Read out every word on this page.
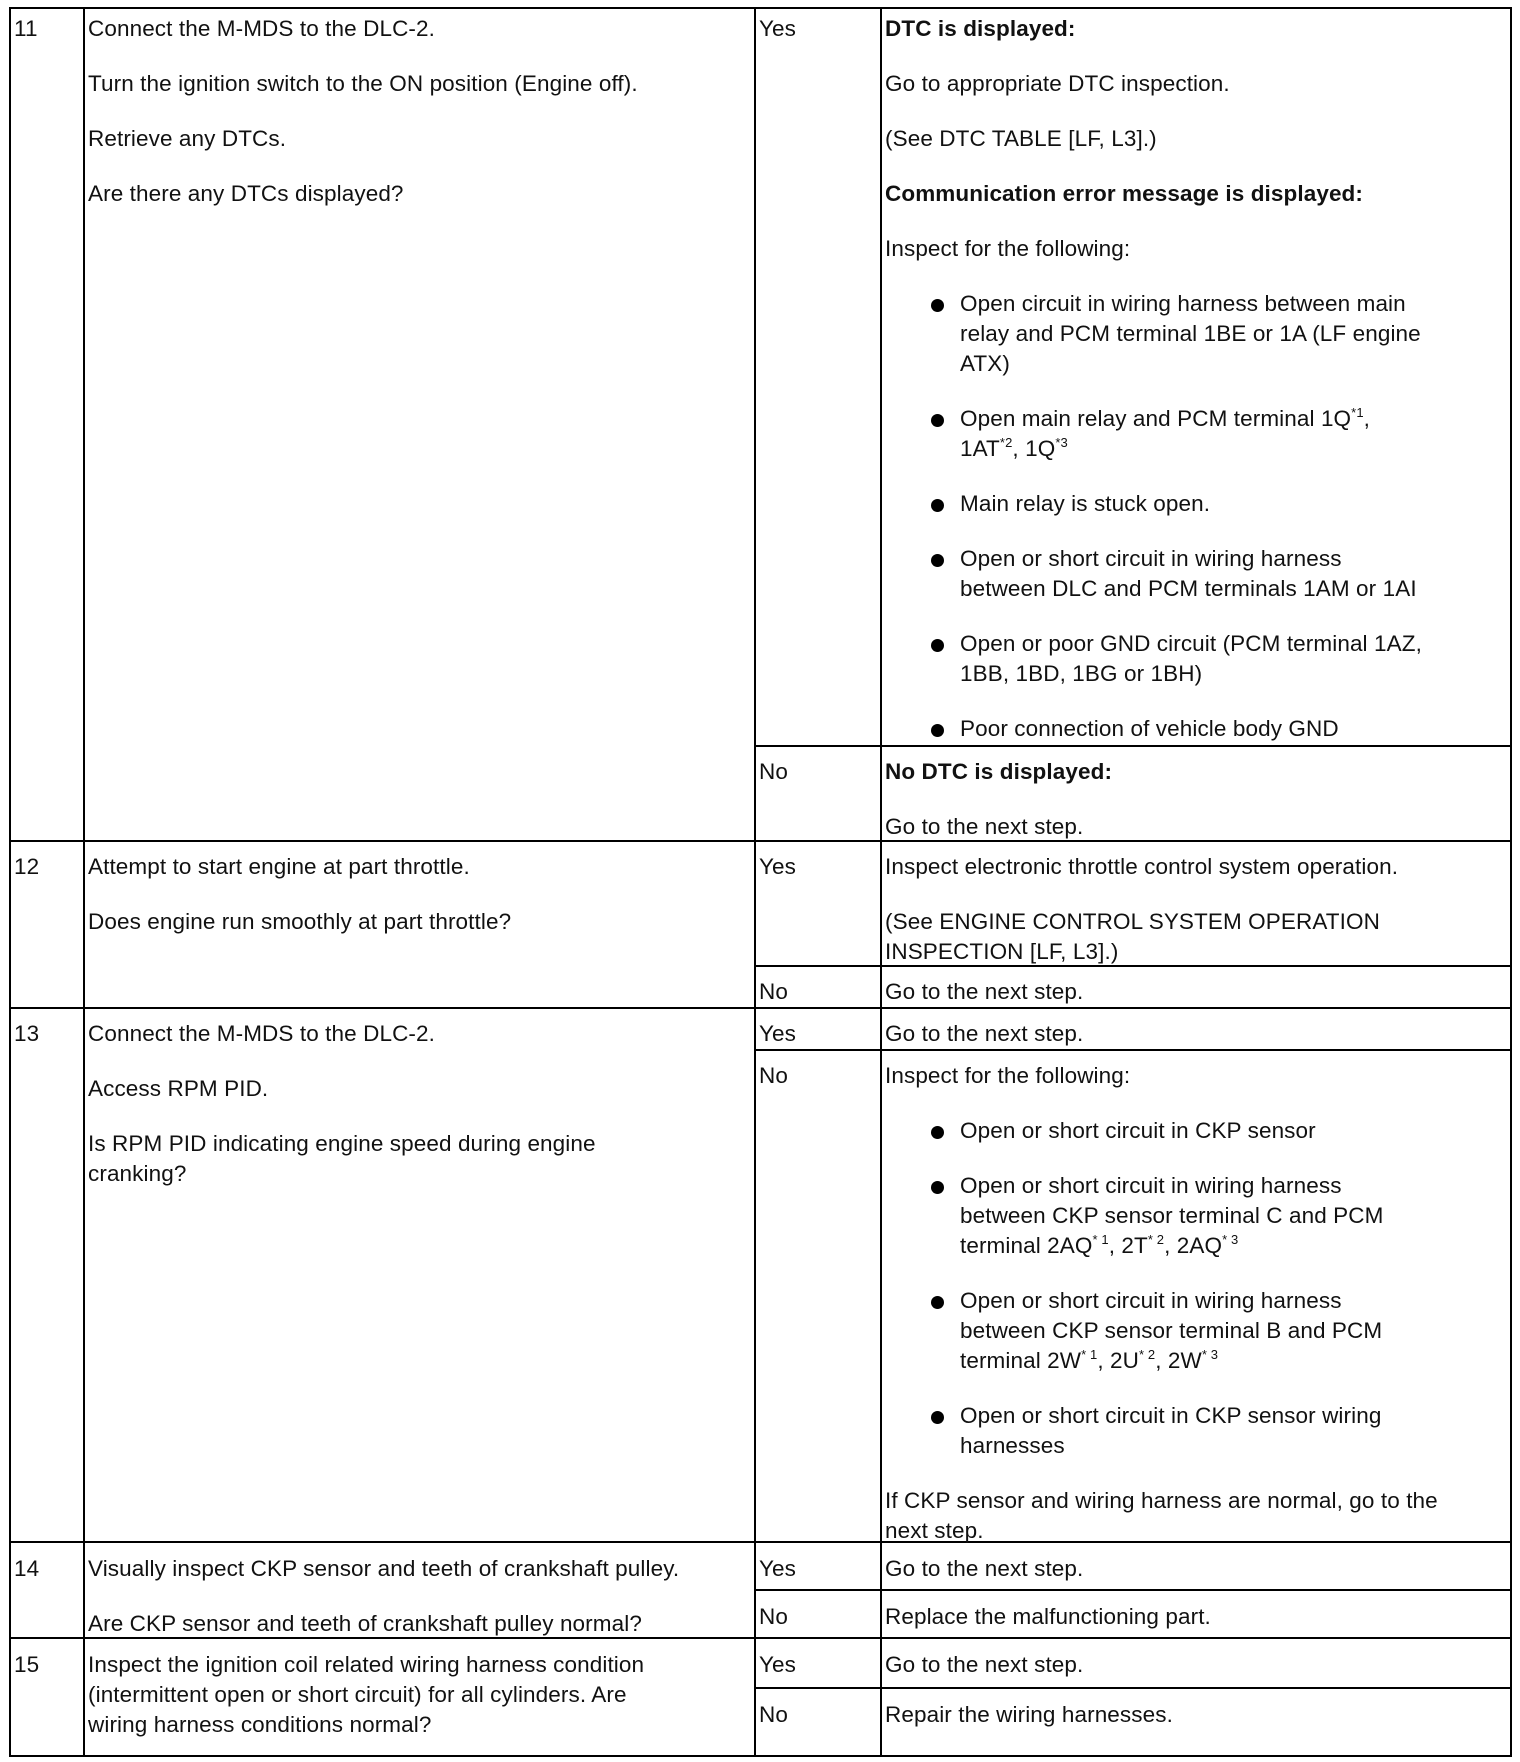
11 Connect the M-MDS to the DLC-2.
Turn the ignition switch to the ON position (Engine off).
Retrieve any DTCs.
Are there any DTCs displayed?
Yes	DTC is displayed:
Go to appropriate DTC inspection.
(See DTC TABLE [LF, L3].)
Communication error message is displayed:
Inspect for the following:
Open circuit in wiring harness between main
relay and PCM terminal 1BE or 1A (LF engine
ATX)
Open main relay and PCM terminal $1Q^{*1}$,
1AT$^{*2}$, $1Q^{*3}$
Main relay is stuck open.
Open or short circuit in wiring harness
between DLC and PCM terminals 1AM or 1AI
Open or poor GND circuit (PCM terminal 1AZ,
1BB, 1BD, 1BG or 1BH)
Poor connection of vehicle body GND
No	No DTC is displayed:
Go to the next step.
12 Attempt to start engine at part throttle.
Does engine run smoothly at part throttle?
Yes	Inspect electronic throttle control system operation.
(See ENGINE CONTROL SYSTEM OPERATION
INSPECTION [LF, L3].)
No	Go to the next step.
13 Connect the M-MDS to the DLC-2.
Access RPM PID.
Is RPM PID indicating engine speed during engine
cranking?
Yes	Go to the next step.
No	Inspect for the following:
Open or short circuit in CKP sensor
Open or short circuit in wiring harness
between CKP sensor terminal C and PCM
terminal 2AQ$^{* 1}$, $2T^{* 2}$, 2AQ$^{* 3}$
Open or short circuit in wiring harness
between CKP sensor terminal B and PCM
terminal $2W^{* 1}$, $2U^{* 2}$, $2W^{* 3}$
Open or short circuit in CKP sensor wiring
harnesses
If CKP sensor and wiring harness are normal, go to the
next step.
14 Visually inspect CKP sensor and teeth of crankshaft pulley.
Are CKP sensor and teeth of crankshaft pulley normal?
Yes	Go to the next step.
No	Replace the malfunctioning part.
15 Inspect the ignition coil related wiring harness condition
(intermittent open or short circuit) for all cylinders. Are
wiring harness conditions normal?
Yes	Go to the next step.
No	Repair the wiring harnesses.
